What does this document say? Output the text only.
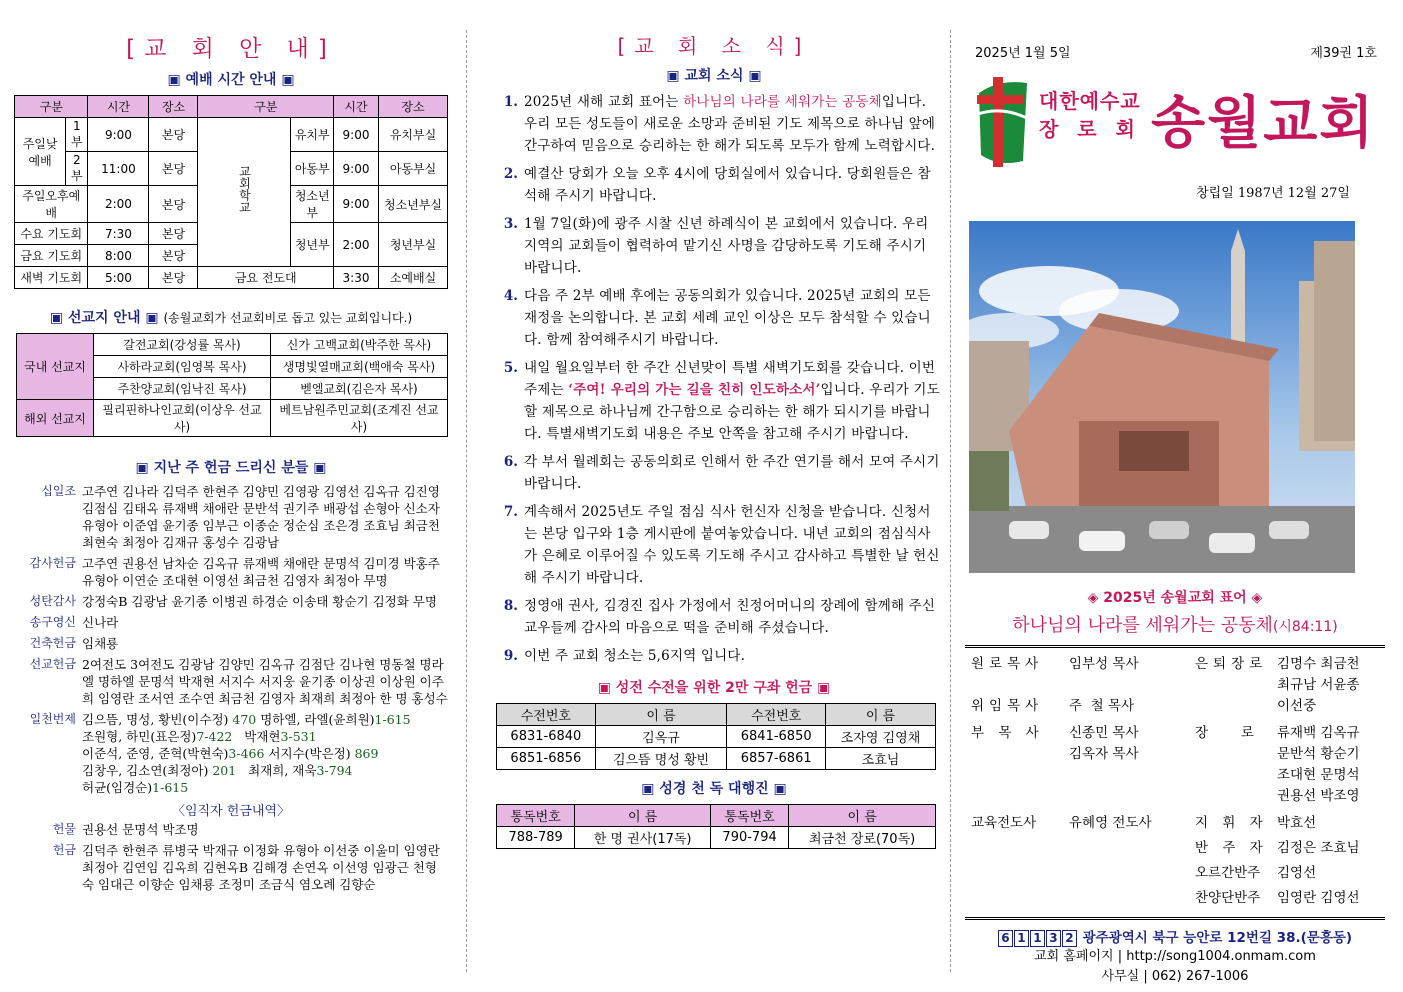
[교 회 안 내]
▣ 예배 시간 안내 ▣
구분		시간	장소	구분		시간	장소
주일낮예배	1부	9:00	본당	교회학교	유치부	9:00	유치부실
	2부	11:00	본당		아동부	9:00	아동부실
주일오후예배		2:00	본당		청소년부	9:00	청소년부실
수요 기도회		7:30	본당		청년부	2:00	청년부실
금요 기도회		8:00	본당				
새벽 기도회		5:00	본당	금요 전도대		3:30	소예배실
▣ 선교지 안내 ▣ (송월교회가 선교회비로 돕고 있는 교회입니다.)
국내 선교지	갈전교회(강성률 목사)	신가 고백교회(박주한 목사)
	사하라교회(임영복 목사)	생명빛열매교회(백애숙 목사)
	주찬양교회(임낙진 목사)	벧엘교회(김은자 목사)
해외 선교지	필리핀하나인교회(이상우 선교사)	베트남원주민교회(조계진 선교사)
▣ 지난 주 헌금 드리신 분들 ▣
십일조 고주연 김나라 김덕주 한현주 김양민 김영광 김영선 김옥규 김진영 김점심 김태옥 류재백 채애란 문반석 권기주 배광섭 손형아 신소자 유형아 이준엽 윤기종 임부근 이종순 정순심 조은경 조효님 최금천 최현숙 최정아 김재규 홍성수 김광남
감사헌금 고주연 권용선 남차순 김옥규 류재백 채애란 문명석 김미경 박홍주 유형아 이연순 조대현 이영선 최금천 김영자 최정아 무명
성탄감사 강정숙B 김광남 윤기종 이병권 하경순 이송태 황순기 김정화 무명
송구영신 신나라
건축헌금 임채룡
선교헌금 2여전도 3여전도 김광남 김양민 김옥규 김점단 김나현 명동철 명라엘 명하엘 문명석 박재현 서지수 서지웅 윤기종 이상권 이상원 이주희 임영란 조서연 조수연 최금천 김영자 최재희 최정아 한 명 홍성수
일천번제 김으뜸, 명성, 황빈(이수정) 470 명하엘, 라엘(윤희원)1-615
조원형, 하민(표은정)7-422   박재현3-531
이준석, 준영, 준혁(박현숙)3-466 서지수(박은정) 869
김창우, 김소연(최정아) 201   최재희, 재욱3-794
허균(임경순)1-615
〈임직자 헌금내역〉
헌물 권용선 문명석 박조명
헌금 김덕주 한현주 류병국 박재규 이정화 유형아 이선중 이울미 임영란 최정아 김연임 김옥희 김현옥B 김해경 손연옥 이선영 임광근 천형숙 임대근 이향순 임채룡 조정미 조금식 염오례 김향순
[교 회 소 식]
▣ 교회 소식 ▣
1. 2025년 새해 교회 표어는 하나님의 나라를 세워가는 공동체입니다. 우리 모든 성도들이 새로운 소망과 준비된 기도 제목으로 하나님 앞에 간구하여 믿음으로 승리하는 한 해가 되도록 모두가 함께 노력합시다.
2. 예결산 당회가 오늘 오후 4시에 당회실에서 있습니다. 당회원들은 참석해 주시기 바랍니다.
3. 1월 7일(화)에 광주 시찰 신년 하례식이 본 교회에서 있습니다. 우리 지역의 교회들이 협력하여 맡기신 사명을 감당하도록 기도해 주시기 바랍니다.
4. 다음 주 2부 예배 후에는 공동의회가 있습니다. 2025년 교회의 모든 재정을 논의합니다. 본 교회 세례 교인 이상은 모두 참석할 수 있습니다. 함께 참여해주시기 바랍니다.
5. 내일 월요일부터 한 주간 신년맞이 특별 새벽기도회를 갖습니다. 이번 주제는 ‘주여! 우리의 가는 길을 친히 인도하소서’입니다. 우리가 기도할 제목으로 하나님께 간구함으로 승리하는 한 해가 되시기를 바랍니다. 특별새벽기도회 내용은 주보 안쪽을 참고해 주시기 바랍니다.
6. 각 부서 월례회는 공동의회로 인해서 한 주간 연기를 해서 모여 주시기 바랍니다.
7. 계속해서 2025년도 주일 점심 식사 헌신자 신청을 받습니다. 신청서는 본당 입구와 1층 게시판에 붙여놓았습니다. 내년 교회의 점심식사가 은혜로 이루어질 수 있도록 기도해 주시고 감사하고 특별한 날 헌신해 주시기 바랍니다.
8. 정영애 권사, 김경진 집사 가정에서 친정어머니의 장례에 함께해 주신 교우들께 감사의 마음으로 떡을 준비해 주셨습니다.
9. 이번 주 교회 청소는 5,6지역 입니다.
▣ 성전 수전을 위한 2만 구좌 헌금 ▣
수전번호	이 름	수전번호	이 름
6831-6840	김옥규	6841-6850	조자영 김영채
6851-6856	김으뜸 명성 황빈	6857-6861	조효님
▣ 성경 천 독 대행진 ▣
통독번호	이 름	통독번호	이 름
788-789	한 명 권사(17독)	790-794	최금천 장로(70독)
2025년 1월 5일	제39권 1호
대한예수교
장 로 회 송월교회
창립일 1987년 12월 27일
◈ 2025년 송월교회 표어 ◈
하나님의 나라를 세워가는 공동체(시84:11)
원로목사	임부성 목사	은퇴장로 김명수 최금천
최규남 서윤종
위임목사	주  철 목사	이선중
부 목 사	신종민 목사	장   로	류재백 김옥규
김옥자 목사	문반석 황순기
조대현 문명석
권용선 박조영
교육전도사	유혜영 전도사	지 휘 자 박효선
반 주 자 김정은 조효님
오르간반주	김영선
찬양단반주	임영란 김영선
6 1 1 3 2 광주광역시 북구 능안로 12번길 38.(문흥동)
교회 홈페이지 | http://song1004.onmam.com
사무실 | 062) 267-1006
